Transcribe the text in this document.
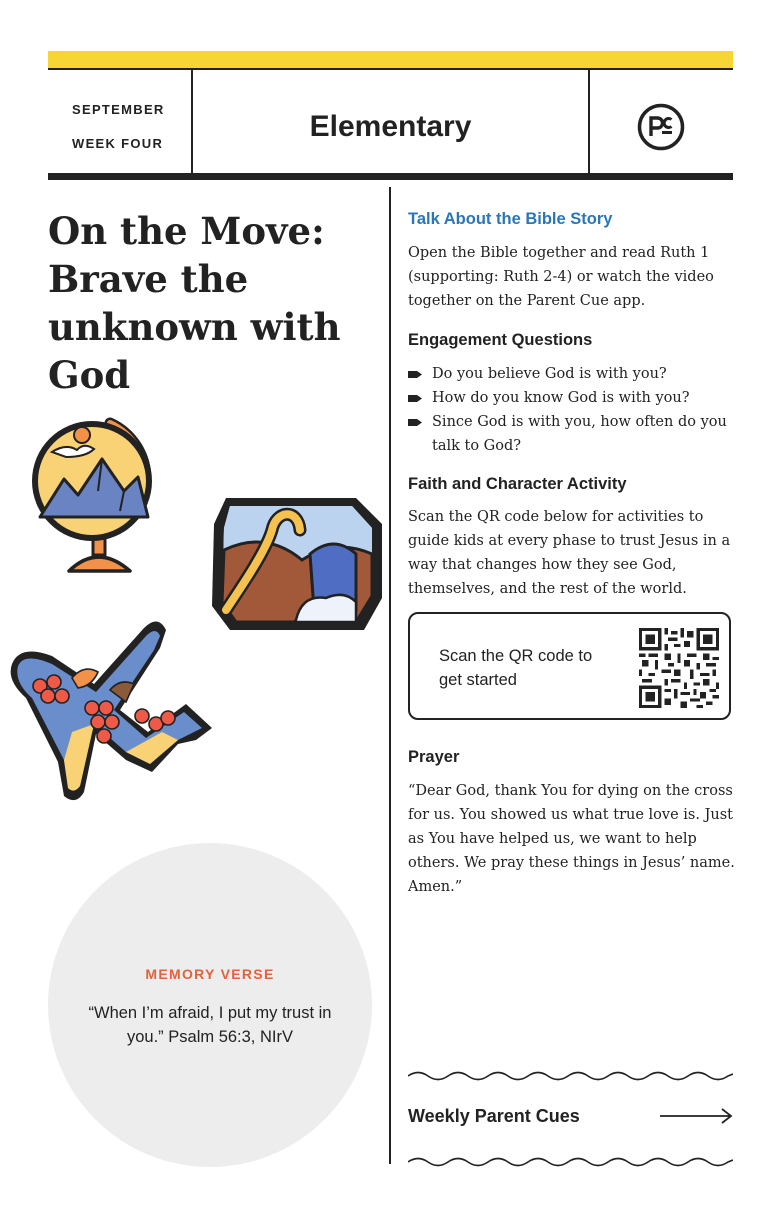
SEPTEMBER
WEEK FOUR
Elementary
On the Move: Brave the unknown with God
MEMORY VERSE
“When I’m afraid, I put my trust in you.” Psalm 56:3, NIrV
Talk About the Bible Story
Open the Bible together and read Ruth 1 (supporting: Ruth 2-4) or watch the video together on the Parent Cue app.
Engagement Questions
Do you believe God is with you?
How do you know God is with you?
Since God is with you, how often do you talk to God?
Faith and Character Activity
Scan the QR code below for activities to guide kids at every phase to trust Jesus in a way that changes how they see God, themselves, and the rest of the world.
Scan the QR code to get started
Prayer
“Dear God, thank You for dying on the cross for us. You showed us what true love is. Just as You have helped us, we want to help others. We pray these things in Jesus’ name. Amen.”
Weekly Parent Cues
